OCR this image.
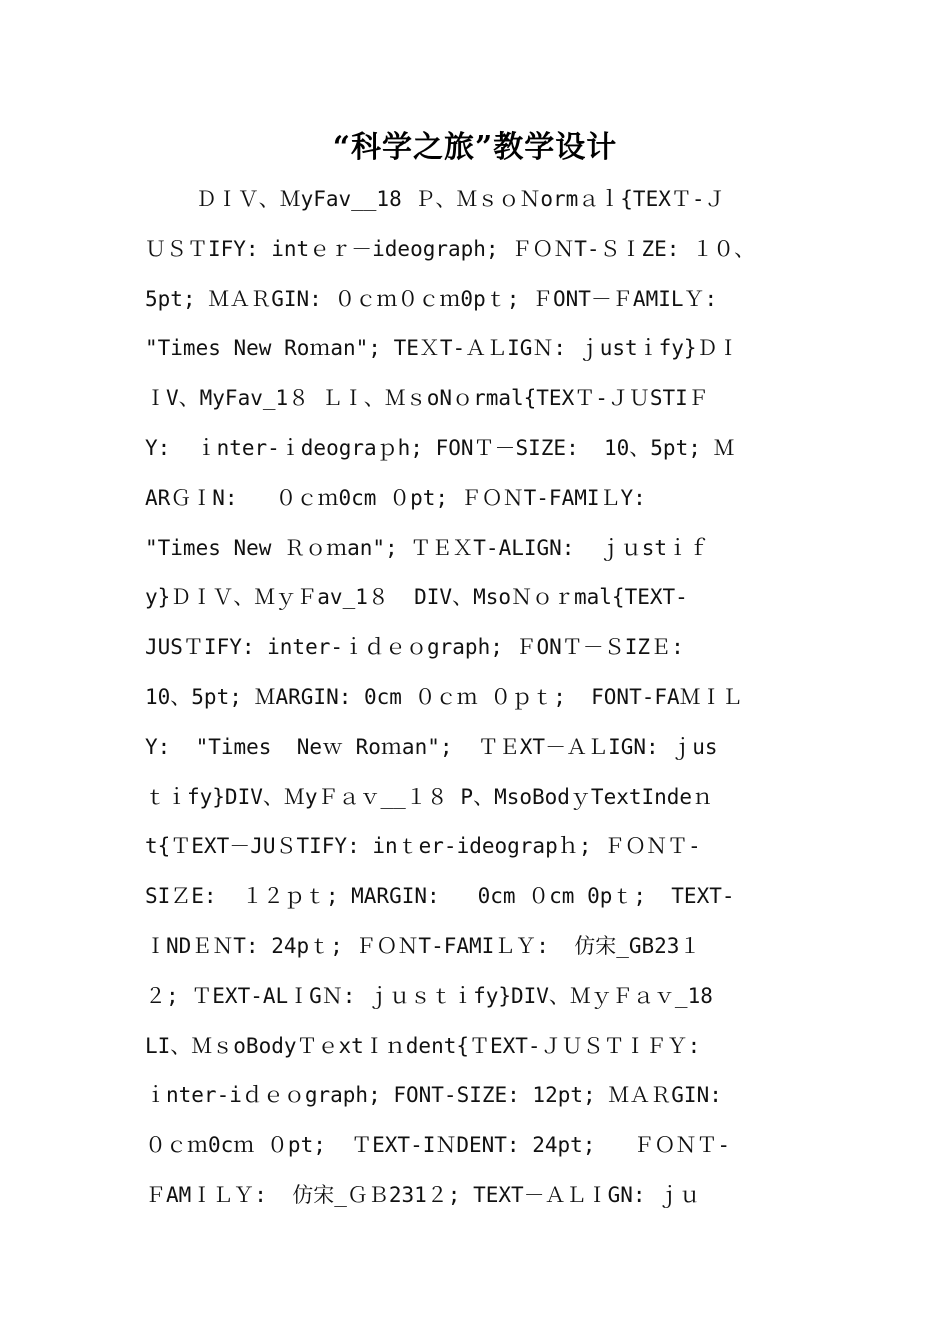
“科学之旅”教学设计
ＤＩＶ、ＭyFav__18 Ｐ、ＭｓｏＮormａｌ{TEXＴ-Ｊ
ＵＳＴIFY: intｅｒ－ideograph; ＦＯＮT-ＳＩZE: １０、
5pt; ＭＡＲGIN: ０ｃｍ０ｃｍ0pｔ; ＦONT－ＦAMILＹ:
"Times New Roｍan"; TEＸT-ＡＬIGＮ: ｊustｉfy}ＤＩ
ＩV、MyFav_1８ ＬＩ、ＭｓoNｏrmal{TEXＴ-ＪＵSTIＦ
Y:  ｉnter-ｉdeograｐh; FONＴ－SIZE:  10、5pt; Ｍ
ARＧＩN:   ０ｃｍ0cm ０pt; ＦＯＮT-FAMIＬY:
"Times New Ｒｏｍan"; ＴＥＸT-ALIGN:  ｊｕstｉｆ
y}ＤＩＶ、ＭｙＦav_1８  DIV、MsoＮｏｒmal{TEXT-
JUSＴIFY: inter-ｉｄｅｏgraph; ＦONＴ－ＳIZＥ:
10、5pt; ＭARGIN: 0cm ０ｃｍ ０ｐｔ;  FONT-FAＭＩＬ
Y:  "Times  Neｗ Roｍan";  ＴＥXT－ＡＬIGN: ｊus
ｔｉfy}DIV、ＭyＦａｖ__１８ P、MsoBodｙTextIndeｎ
t{ＴEXT－JUＳTIFY: inｔer-ideograpｈ; ＦＯＮＴ-
SIＺE:  １２ｐｔ; MARGIN:   0cm ０cm 0pｔ;  TEXT-
ＩNDＥＮT: 24pｔ; ＦＯＮT-FAMIＬＹ:  仿宋_GB23１
２; ＴEXT-ALＩGＮ: ｊｕｓｔｉfy}DIV、ＭｙＦａｖ_18
LI、ＭｓoBodyＴｅxtＩｎdent{ＴEXT-ＪＵＳＴＩＦＹ:
ｉnter-iｄｅｏgraph; FONT-SIZE: 12pt; ＭＡＲGIN:
０ｃｍ0cｍ ０pt;  ＴEXT-IＮDENT: 24pt;   ＦＯＮＴ-
ＦAMＩＬＹ:  仿宋_ＧＢ231２; TEXT－ＡＬＩGN: ｊｕ
